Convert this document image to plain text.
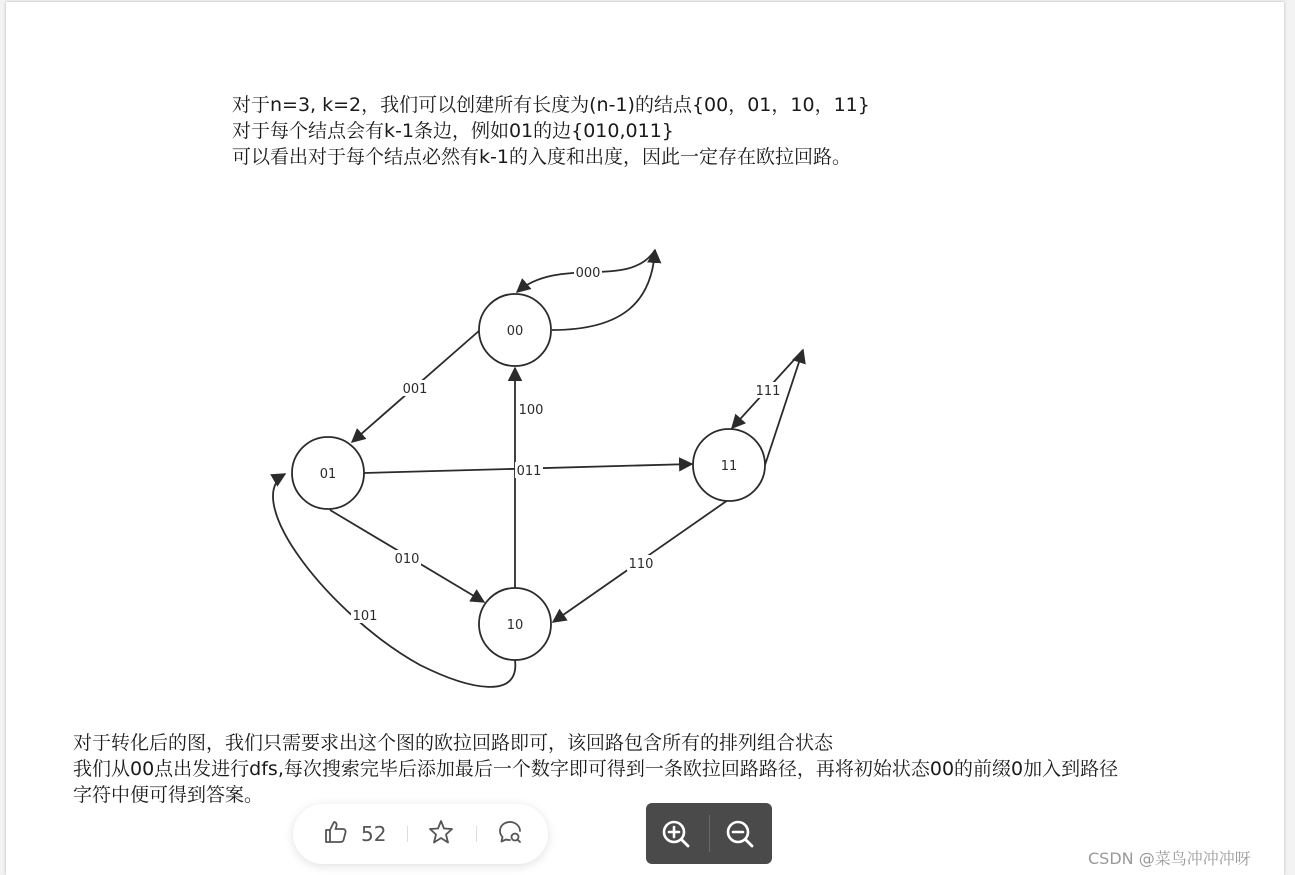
对于n=3, k=2，我们可以创建所有长度为(n-1)的结点{00，01，10，11}
对于每个结点会有k-1条边，例如01的边{010,011}
可以看出对于每个结点必然有k-1的入度和出度，因此一定存在欧拉回路。
000
001
100
011
111
010	110
101
00
01
10
11
对于转化后的图，我们只需要求出这个图的欧拉回路即可，该回路包含所有的排列组合状态
我们从00点出发进行dfs,每次搜索完毕后添加最后一个数字即可得到一条欧拉回路路径，再将初始状态00的前缀0加入到路径
字符中便可得到答案。
52
CSDN @菜鸟冲冲冲呀
